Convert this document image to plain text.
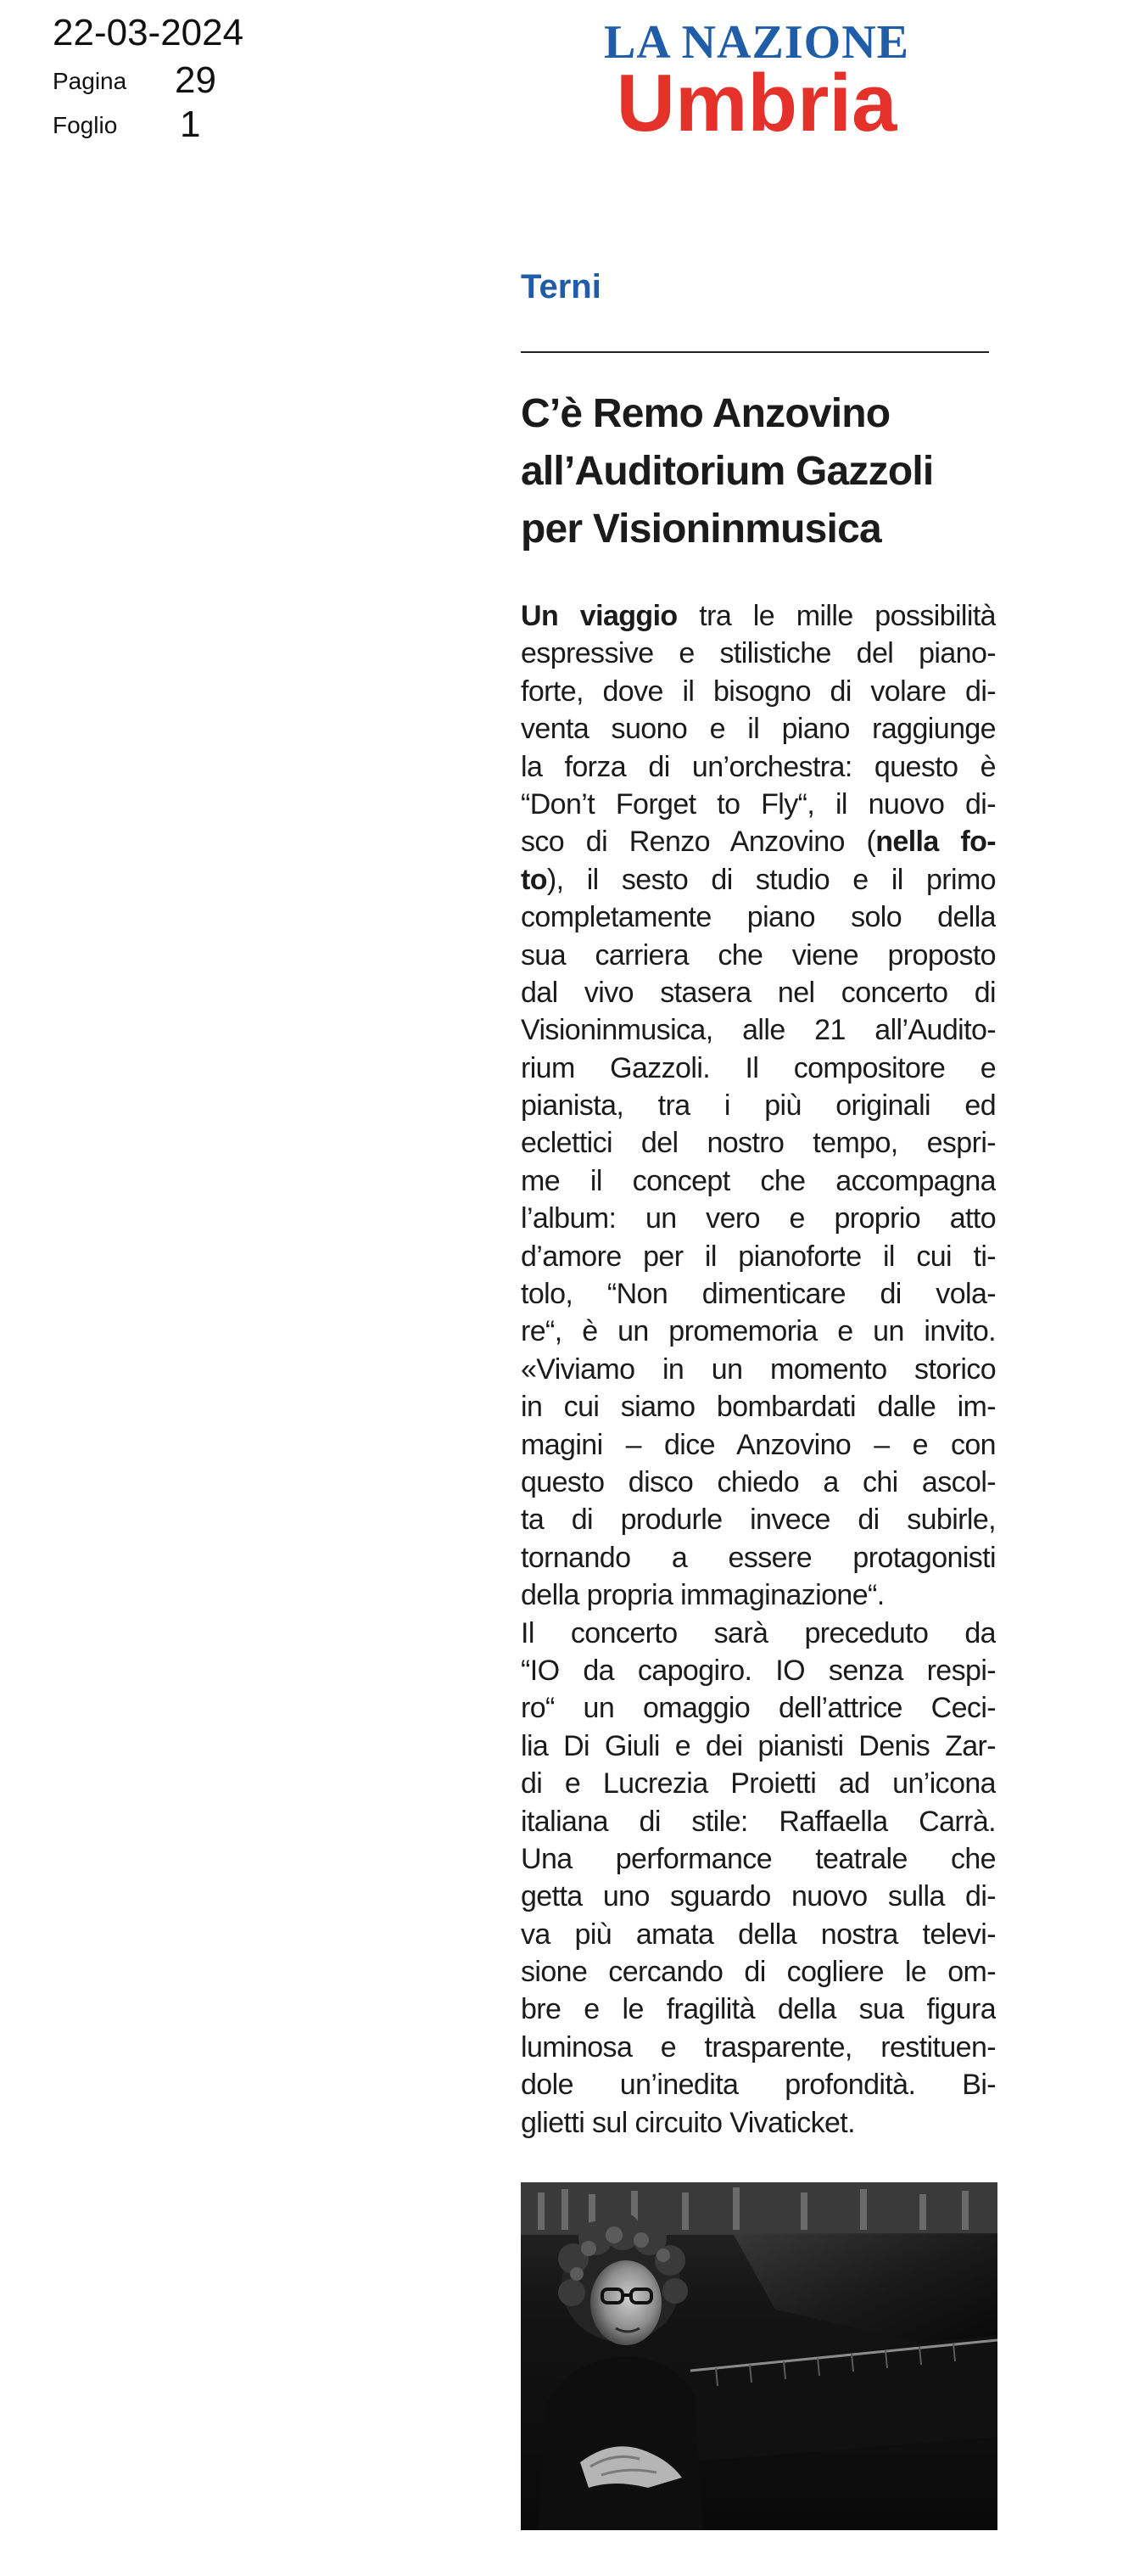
22-03-2024
Pagina 29
Foglio 1
LA NAZIONE
Umbria
Terni
C’è Remo Anzovino
all’Auditorium Gazzoli
per Visioninmusica
Un viaggio tra le mille possibilità
espressive e stilistiche del piano-
forte, dove il bisogno di volare di-
venta suono e il piano raggiunge
la forza di un’orchestra: questo è
“Don’t Forget to Fly“, il nuovo di-
sco di Renzo Anzovino (nella fo-
to), il sesto di studio e il primo
completamente piano solo della
sua carriera che viene proposto
dal vivo stasera nel concerto di
Visioninmusica, alle 21 all’Audito-
rium Gazzoli. Il compositore e
pianista, tra i più originali ed
eclettici del nostro tempo, espri-
me il concept che accompagna
l’album: un vero e proprio atto
d’amore per il pianoforte il cui ti-
tolo, “Non dimenticare di vola-
re“, è un promemoria e un invito.
«Viviamo in un momento storico
in cui siamo bombardati dalle im-
magini – dice Anzovino – e con
questo disco chiedo a chi ascol-
ta di produrle invece di subirle,
tornando a essere protagonisti
della propria immaginazione“.
Il concerto sarà preceduto da
“IO da capogiro. IO senza respi-
ro“ un omaggio dell’attrice Ceci-
lia Di Giuli e dei pianisti Denis Zar-
di e Lucrezia Proietti ad un’icona
italiana di stile: Raffaella Carrà.
Una performance teatrale che
getta uno sguardo nuovo sulla di-
va più amata della nostra televi-
sione cercando di cogliere le om-
bre e le fragilità della sua figura
luminosa e trasparente, restituen-
dole un’inedita profondità. Bi-
glietti sul circuito Vivaticket.
